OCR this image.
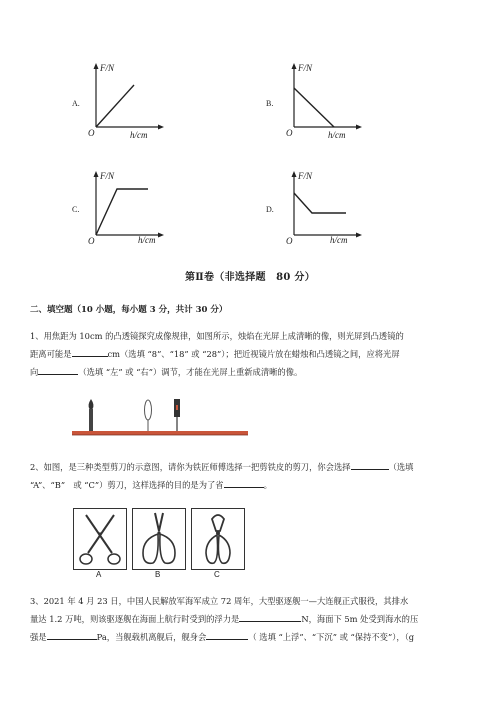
A.
F/N
O	h/cm
B.
F/N
O	h/cm
C.
F/N
O	h/cm
D.
F/N
O	h/cm
第Ⅱ卷（非选择题　80 分）
二、填空题（10 小题，每小题 3 分，共计 30 分）
1、用焦距为 10cm 的凸透镜探究成像规律，如图所示，烛焰在光屏上成清晰的像，则光屏到凸透镜的
距离可能是	cm（选填 “8”、“18” 或 “28”）；把近视镜片放在蜡烛和凸透镜之间，应将光屏
向	（选填 “左” 或 “右”）调节，才能在光屏上重新成清晰的像。
2、如图，是三种类型剪刀的示意图，请你为铁匠师傅选择一把剪铁皮的剪刀，你会选择	（选填
“A”、“B”　或 “C”）剪刀，这样选择的目的是为了省	。
A	B	C
3、2021 年 4 月 23 日，中国人民解放军海军成立 72 周年，大型驱逐舰一—大连舰正式服役，其排水
量达 1.2 万吨，则该驱逐舰在海面上航行时受到的浮力是	N，海面下 5m 处受到海水的压
强是	Pa，当舰载机离舰后，舰身会	（ 选填 “上浮”、“下沉” 或 “保持不变”），（g
